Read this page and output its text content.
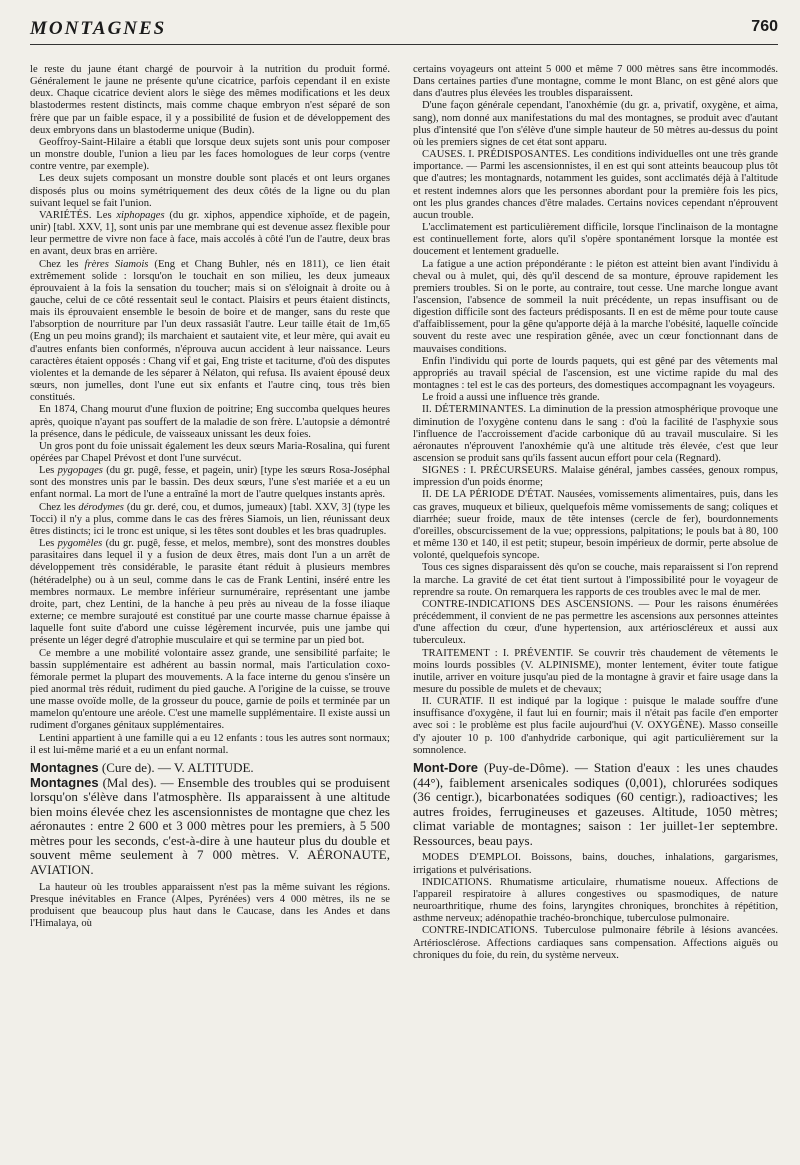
MONTAGNES	760

le reste du jaune étant chargé de pourvoir à la nutrition du produit formé. Généralement le jaune ne présente qu'une cicatrice, parfois cependant il en existe deux. Chaque cicatrice devient alors le siège des mêmes modifications et les deux blastodermes restent distincts, mais comme chaque embryon n'est séparé de son frère que par un faible espace, il y a possibilité de fusion et de développement des deux embryons dans un blastoderme unique (Budin).

Geoffroy-Saint-Hilaire a établi que lorsque deux sujets sont unis pour composer un monstre double, l'union a lieu par les faces homologues de leur corps (ventre contre ventre, par exemple).

Les deux sujets composant un monstre double sont placés et ont leurs organes disposés plus ou moins symétriquement des deux côtés de la ligne ou du plan suivant lequel se fait l'union.

VARIÉTÉS. Les xiphopages (du gr. xiphos, appendice xiphoïde, et de pagein, unir) [tabl. XXV, 1], sont unis par une membrane qui est devenue assez flexible pour leur permettre de vivre non face à face, mais accolés à côté l'un de l'autre, deux bras en avant, deux bras en arrière.

Chez les frères Siamois (Eng et Chang Buhler, nés en 1811), ce lien était extrêmement solide : lorsqu'on le touchait en son milieu, les deux jumeaux éprouvaient à la fois la sensation du toucher; mais si on s'éloignait à droite ou à gauche, celui de ce côté ressentait seul le contact. Plaisirs et peurs étaient distincts, mais ils éprouvaient ensemble le besoin de boire et de manger, sans du reste que l'absorption de nourriture par l'un deux rassasiât l'autre. Leur taille était de 1m,65 (Eng un peu moins grand); ils marchaient et sautaient vite, et leur mère, qui avait eu d'autres enfants bien conformés, n'éprouva aucun accident à leur naissance. Leurs caractères étaient opposés : Chang vif et gai, Eng triste et taciturne, d'où des disputes violentes et la demande de les séparer à Nélaton, qui refusa. Ils avaient épousé deux sœurs, non jumelles, dont l'une eut six enfants et l'autre cinq, tous très bien constitués.

En 1874, Chang mourut d'une fluxion de poitrine; Eng succomba quelques heures après, quoique n'ayant pas souffert de la maladie de son frère. L'autopsie a démontré la présence, dans le pédicule, de vaisseaux unissant les deux foies.

Un gros pont du foie unissait également les deux sœurs Maria-Rosalina, qui furent opérées par Chapel Prévost et dont l'une survécut.

Les pygopages (du gr. pugê, fesse, et pagein, unir) [type les sœurs Rosa-Joséphal sont des monstres unis par le bassin. Des deux sœurs, l'une s'est mariée et a eu un enfant normal. La mort de l'une a entraîné la mort de l'autre quelques instants après.

Chez les dérodymes (du gr. deré, cou, et dumos, jumeaux) [tabl. XXV, 3] (type les Tocci) il n'y a plus, comme dans le cas des frères Siamois, un lien, réunissant deux êtres distincts; ici le tronc est unique, si les têtes sont doubles et les bras quadruples.

Les pygomèles (du gr. pugê, fesse, et melos, membre), sont des monstres doubles parasitaires dans lequel il y a fusion de deux êtres, mais dont l'un a un arrêt de développement très considérable, le parasite étant réduit à plusieurs membres (hétéradelphe) ou à un seul, comme dans le cas de Frank Lentini, inséré entre les membres normaux. Le membre inférieur surnuméraire, représentant une jambe droite, part, chez Lentini, de la hanche à peu près au niveau de la fosse iliaque externe; ce membre surajouté est constitué par une courte masse charnue épaisse à laquelle font suite d'abord une cuisse légèrement incurvée, puis une jambe qui présente un léger degré d'atrophie musculaire et qui se termine par un pied bot.

Ce membre a une mobilité volontaire assez grande, une sensibilité parfaite; le bassin supplémentaire est adhérent au bassin normal, mais l'articulation coxo-fémorale permet la plupart des mouvements. A la face interne du genou s'insère un pied anormal très réduit, rudiment du pied gauche. A l'origine de la cuisse, se trouve une masse ovoïde molle, de la grosseur du pouce, garnie de poils et terminée par un mamelon qu'entoure une aréole. C'est une mamelle supplémentaire. Il existe aussi un rudiment d'organes génitaux supplémentaires.

Lentini appartient à une famille qui a eu 12 enfants : tous les autres sont normaux; il est lui-même marié et a eu un enfant normal.

Montagnes (Cure de). — V. ALTITUDE.

Montagnes (Mal des). — Ensemble des troubles qui se produisent lorsqu'on s'élève dans l'atmosphère. Ils apparaissent à une altitude bien moins élevée chez les ascensionnistes de montagne que chez les aéronautes : entre 2 600 et 3 000 mètres pour les premiers, à 5 500 mètres pour les seconds, c'est-à-dire à une hauteur plus du double et souvent même seulement à 7 000 mètres. V. AÉRONAUTE, AVIATION.

La hauteur où les troubles apparaissent n'est pas la même suivant les régions. Presque inévitables en France (Alpes, Pyrénées) vers 4 000 mètres, ils ne se produisent que beaucoup plus haut dans le Caucase, dans les Andes et dans l'Himalaya, où

certains voyageurs ont atteint 5 000 et même 7 000 mètres sans être incommodés. Dans certaines parties d'une montagne, comme le mont Blanc, on est gêné alors que dans d'autres plus élevées les troubles disparaissent.

D'une façon générale cependant, l'anoxhémie (du gr. a, privatif, oxygène, et aima, sang), nom donné aux manifestations du mal des montagnes, se produit avec d'autant plus d'intensité que l'on s'élève d'une simple hauteur de 50 mètres au-dessus du point où les premiers signes de cet état sont apparu.

CAUSES. I. PRÉDISPOSANTES. Les conditions individuelles ont une très grande importance. — Parmi les ascensionnistes, il en est qui sont atteints beaucoup plus tôt que d'autres; les montagnards, notamment les guides, sont acclimatés déjà à l'altitude et restent indemnes alors que les personnes abordant pour la première fois les pics, ont les plus grandes chances d'être malades. Certains novices cependant n'éprouvent aucun trouble.

L'acclimatement est particulièrement difficile, lorsque l'inclinaison de la montagne est continuellement forte, alors qu'il s'opère spontanément lorsque la montée est doucement et lentement graduelle.

La fatigue a une action prépondérante : le piéton est atteint bien avant l'individu à cheval ou à mulet, qui, dès qu'il descend de sa monture, éprouve rapidement les premiers troubles. Si on le porte, au contraire, tout cesse. Une marche longue avant l'ascension, l'absence de sommeil la nuit précédente, un repas insuffisant ou de digestion difficile sont des facteurs prédisposants. Il en est de même pour toute cause d'affaiblissement, pour la gêne qu'apporte déjà à la marche l'obésité, laquelle coïncide souvent du reste avec une respiration gênée, avec un cœur fonctionnant dans de mauvaises conditions.

Enfin l'individu qui porte de lourds paquets, qui est gêné par des vêtements mal appropriés au travail spécial de l'ascension, est une victime rapide du mal des montagnes : tel est le cas des porteurs, des domestiques accompagnant les voyageurs.

Le froid a aussi une influence très grande.

II. DÉTERMINANTES. La diminution de la pression atmosphérique provoque une diminution de l'oxygène contenu dans le sang : d'où la facilité de l'asphyxie sous l'influence de l'accroissement d'acide carbonique dû au travail musculaire. Si les aéronautes n'éprouvent l'anoxhémie qu'à une altitude très élevée, c'est que leur ascension se produit sans qu'ils fassent aucun effort pour cela (Regnard).

SIGNES : I. PRÉCURSEURS. Malaise général, jambes cassées, genoux rompus, impression d'un poids énorme;

II. DE LA PÉRIODE D'ÉTAT. Nausées, vomissements alimentaires, puis, dans les cas graves, muqueux et bilieux, quelquefois même vomissements de sang; coliques et diarrhée; sueur froide, maux de tête intenses (cercle de fer), bourdonnements d'oreilles, obscurcissement de la vue; oppressions, palpitations; le pouls bat à 80, 100 et même 130 et 140, il est petit; stupeur, besoin impérieux de dormir, perte absolue de volonté, quelquefois syncope.

Tous ces signes disparaissent dès qu'on se couche, mais reparaissent si l'on reprend la marche. La gravité de cet état tient surtout à l'impossibilité pour le voyageur de reprendre sa route. On remarquera les rapports de ces troubles avec le mal de mer.

CONTRE-INDICATIONS DES ASCENSIONS. — Pour les raisons énumérées précédemment, il convient de ne pas permettre les ascensions aux personnes atteintes d'une affection du cœur, d'une hypertension, aux artérioscléreux et aussi aux tuberculeux.

TRAITEMENT : I. PRÉVENTIF. Se couvrir très chaudement de vêtements le moins lourds possibles (V. ALPINISME), monter lentement, éviter toute fatigue inutile, arriver en voiture jusqu'au pied de la montagne à gravir et faire usage dans la mesure du possible de mulets et de chevaux;

II. CURATIF. Il est indiqué par la logique : puisque le malade souffre d'une insuffisance d'oxygène, il faut lui en fournir; mais il n'était pas facile d'en emporter avec soi : le problème est plus facile aujourd'hui (V. OXYGÈNE). Masso conseille d'y ajouter 10 p. 100 d'anhydride carbonique, qui agit particulièrement sur la somnolence.

Mont-Dore (Puy-de-Dôme). — Station d'eaux : les unes chaudes (44°), faiblement arsenicales sodiques (0,001), chlorurées sodiques (36 centigr.), bicarbonatées sodiques (60 centigr.), radioactives; les autres froides, ferrugineuses et gazeuses. Altitude, 1050 mètres; climat variable de montagnes; saison : 1er juillet-1er septembre. Ressources, beau pays.

MODES D'EMPLOI. Boissons, bains, douches, inhalations, gargarismes, irrigations et pulvérisations.

INDICATIONS. Rhumatisme articulaire, rhumatisme noueux. Affections de l'appareil respiratoire à allures congestives ou spasmodiques, de nature neuroarthritique, rhume des foins, laryngites chroniques, bronchites à répétition, asthme nerveux; adénopathie trachéo-bronchique, tuberculose pulmonaire.

CONTRE-INDICATIONS. Tuberculose pulmonaire fébrile à lésions avancées. Artériosclérose. Affections cardiaques sans compensation. Affections aiguës ou chroniques du foie, du rein, du système nerveux.
